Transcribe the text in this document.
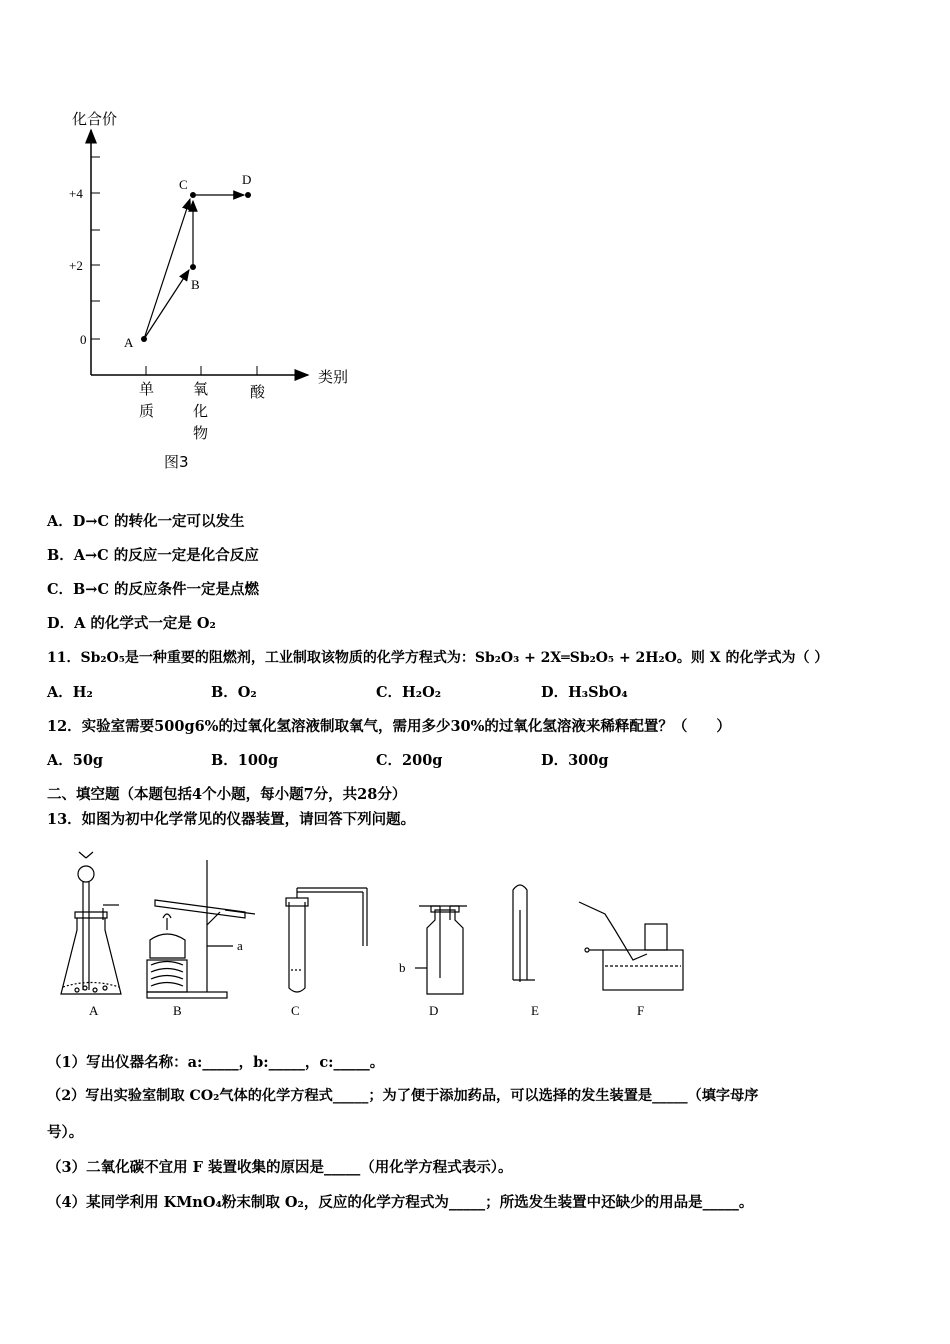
化合价
类别
+4
+2
0
单
质
氧
化
物
酸
A
B
C	D
图3
A．D→C 的转化一定可以发生
B．A→C 的反应一定是化合反应
C．B→C 的反应条件一定是点燃
D．A 的化学式一定是 O₂
11．Sb₂O₅是一种重要的阻燃剂，工业制取该物质的化学方程式为：Sb₂O₃ + 2X═Sb₂O₅ + 2H₂O。则 X 的化学式为（ ）
A．H₂	B．O₂	C．H₂O₂	D．H₃SbO₄
12．实验室需要500g6%的过氧化氢溶液制取氧气，需用多少30%的过氧化氢溶液来稀释配置？（　　）
A．50g	B．100g	C．200g	D．300g
二、填空题（本题包括4个小题，每小题7分，共28分）
13．如图为初中化学常见的仪器装置，请回答下列问题。
A	B	C	D	E	F
a
b
（1）写出仪器名称：a:_____，b:_____，c:_____。
（2）写出实验室制取 CO₂气体的化学方程式_____；为了便于添加药品，可以选择的发生装置是_____（填字母序
号）。
（3）二氧化碳不宜用 F 装置收集的原因是_____（用化学方程式表示）。
（4）某同学利用 KMnO₄粉末制取 O₂，反应的化学方程式为_____；所选发生装置中还缺少的用品是_____。
